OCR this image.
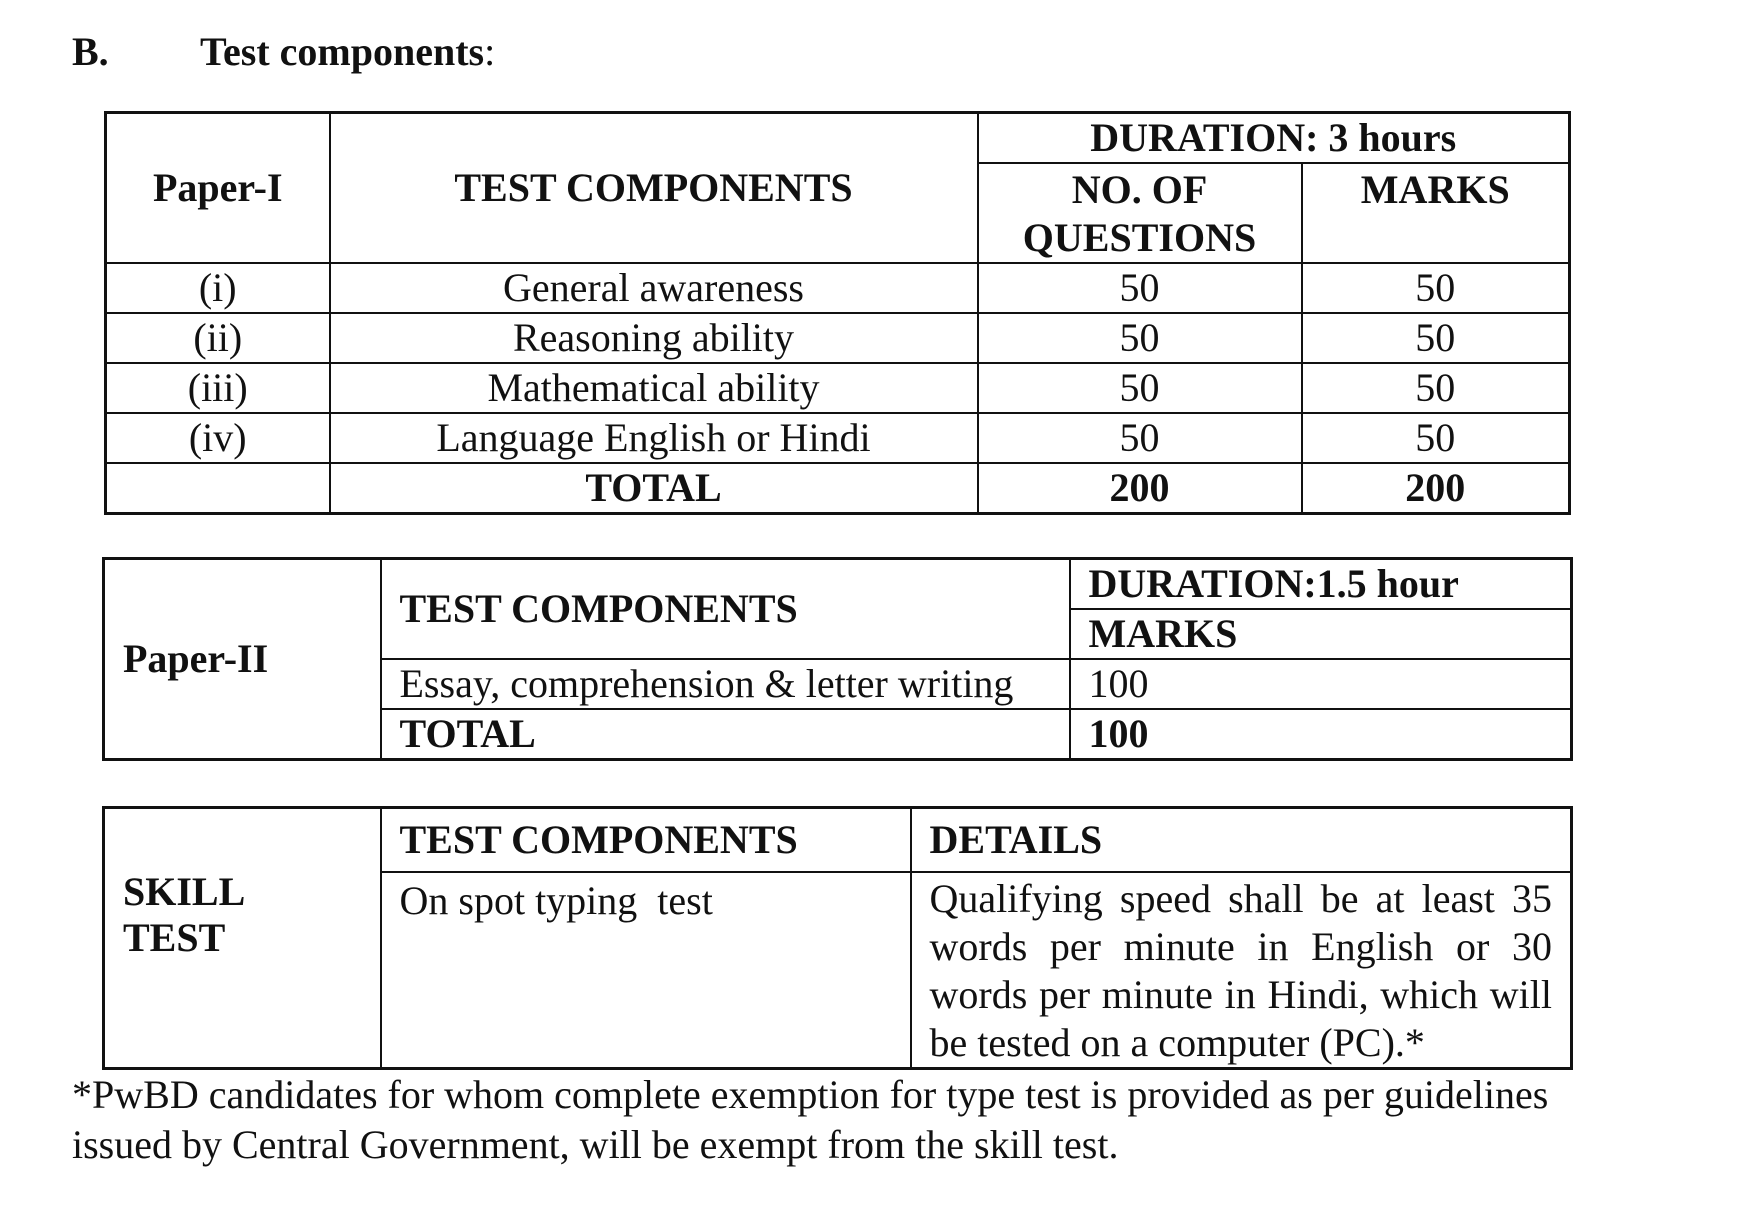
B. Test components:
Paper-I	TEST COMPONENTS	DURATION: 3 hours	
		NO. OF QUESTIONS	MARKS
(i)	General awareness	50	50
(ii)	Reasoning ability	50	50
(iii)	Mathematical ability	50	50
(iv)	Language English or Hindi	50	50
	TOTAL	200	200
Paper-II	TEST COMPONENTS	DURATION:1.5 hour
		MARKS
	Essay, comprehension & letter writing	100
	TOTAL	100
SKILL
TEST	TEST COMPONENTS	DETAILS
	On spot typing  test	Qualifying speed shall be at least 35 words per minute in English or 30 words per minute in Hindi, which will be tested on a computer (PC).*
*PwBD candidates for whom complete exemption for type test is provided as per guidelines issued by Central Government, will be exempt from the skill test.
